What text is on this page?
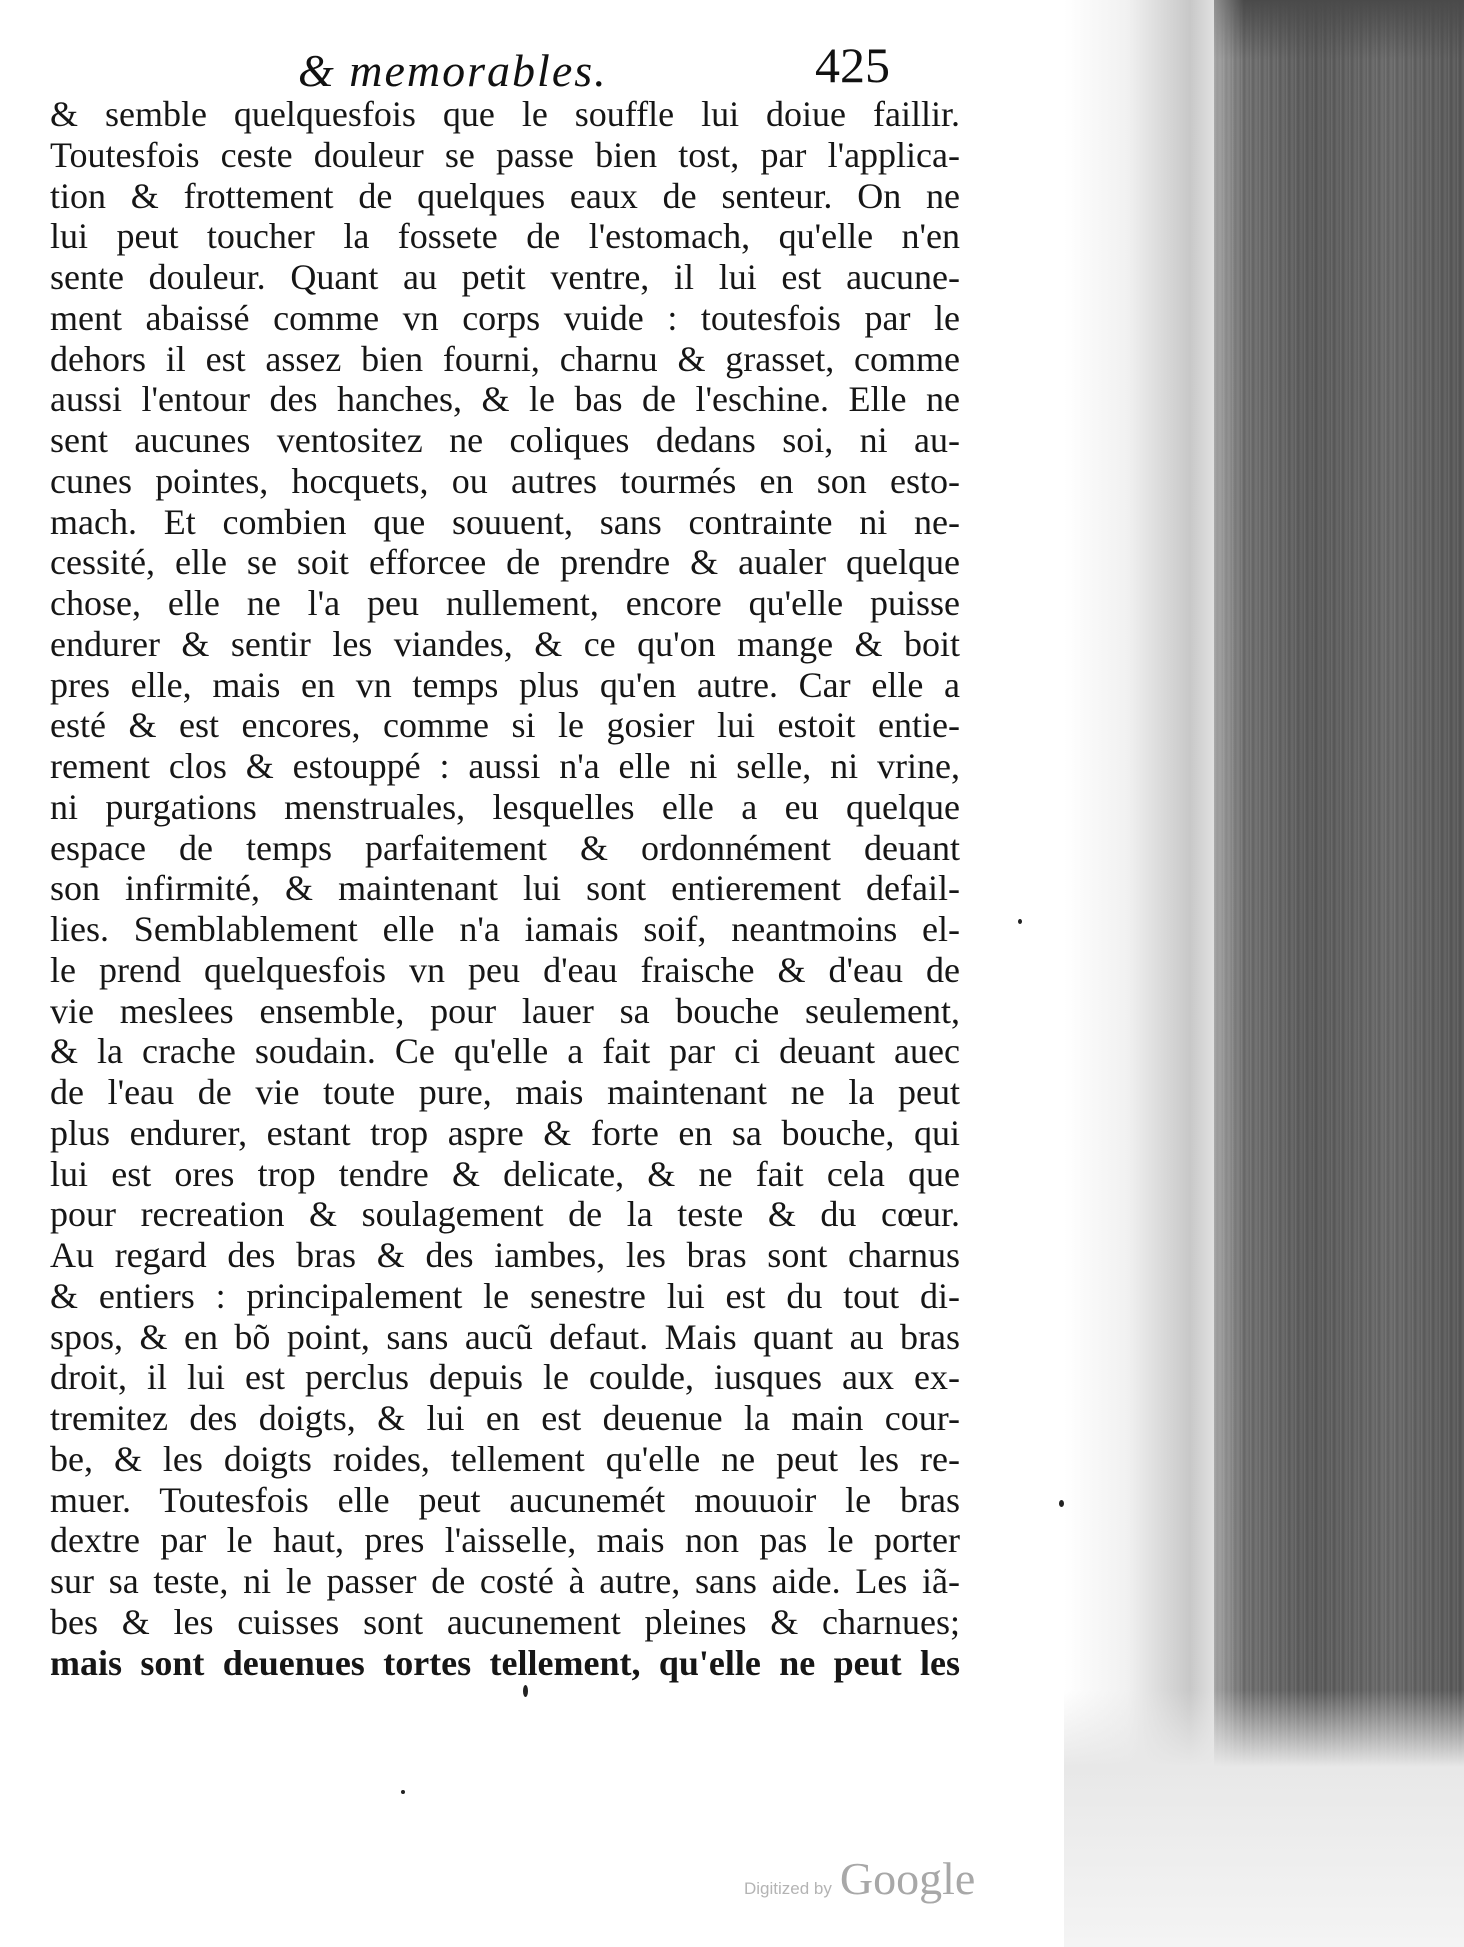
& memorables.	425
& semble quelquesfois que le souffle lui doiue faillir.
Toutesfois ceste douleur se passe bien tost, par l'applica-
tion & frottement de quelques eaux de senteur. On ne
lui peut toucher la fossete de l'estomach, qu'elle n'en
sente douleur. Quant au petit ventre, il lui est aucune-
ment abaissé comme vn corps vuide : toutesfois par le
dehors il est assez bien fourni, charnu & grasset, comme
aussi l'entour des hanches, & le bas de l'eschine. Elle ne
sent aucunes ventositez ne coliques dedans soi, ni au-
cunes pointes, hocquets, ou autres tourmés en son esto-
mach. Et combien que souuent, sans contrainte ni ne-
cessité, elle se soit efforcee de prendre & aualer quelque
chose, elle ne l'a peu nullement, encore qu'elle puisse
endurer & sentir les viandes, & ce qu'on mange & boit
pres elle, mais en vn temps plus qu'en autre. Car elle a
esté & est encores, comme si le gosier lui estoit entie-
rement clos & estouppé : aussi n'a elle ni selle, ni vrine,
ni purgations menstruales, lesquelles elle a eu quelque
espace de temps parfaitement & ordonnément deuant
son infirmité, & maintenant lui sont entierement defail-
lies. Semblablement elle n'a iamais soif, neantmoins el-
le prend quelquesfois vn peu d'eau fraische & d'eau de
vie meslees ensemble, pour lauer sa bouche seulement,
& la crache soudain. Ce qu'elle a fait par ci deuant auec
de l'eau de vie toute pure, mais maintenant ne la peut
plus endurer, estant trop aspre & forte en sa bouche, qui
lui est ores trop tendre & delicate, & ne fait cela que
pour recreation & soulagement de la teste & du cœur.
Au regard des bras & des iambes, les bras sont charnus
& entiers : principalement le senestre lui est du tout di-
spos, & en bõ point, sans aucũ defaut. Mais quant au bras
droit, il lui est perclus depuis le coulde, iusques aux ex-
tremitez des doigts, & lui en est deuenue la main cour-
be, & les doigts roides, tellement qu'elle ne peut les re-
muer. Toutesfois elle peut aucunemét mouuoir le bras
dextre par le haut, pres l'aisselle, mais non pas le porter
sur sa teste, ni le passer de costé à autre, sans aide. Les iã-
bes & les cuisses sont aucunement pleines & charnues;
mais sont deuenues tortes tellement, qu'elle ne peut les
Digitized by Google
